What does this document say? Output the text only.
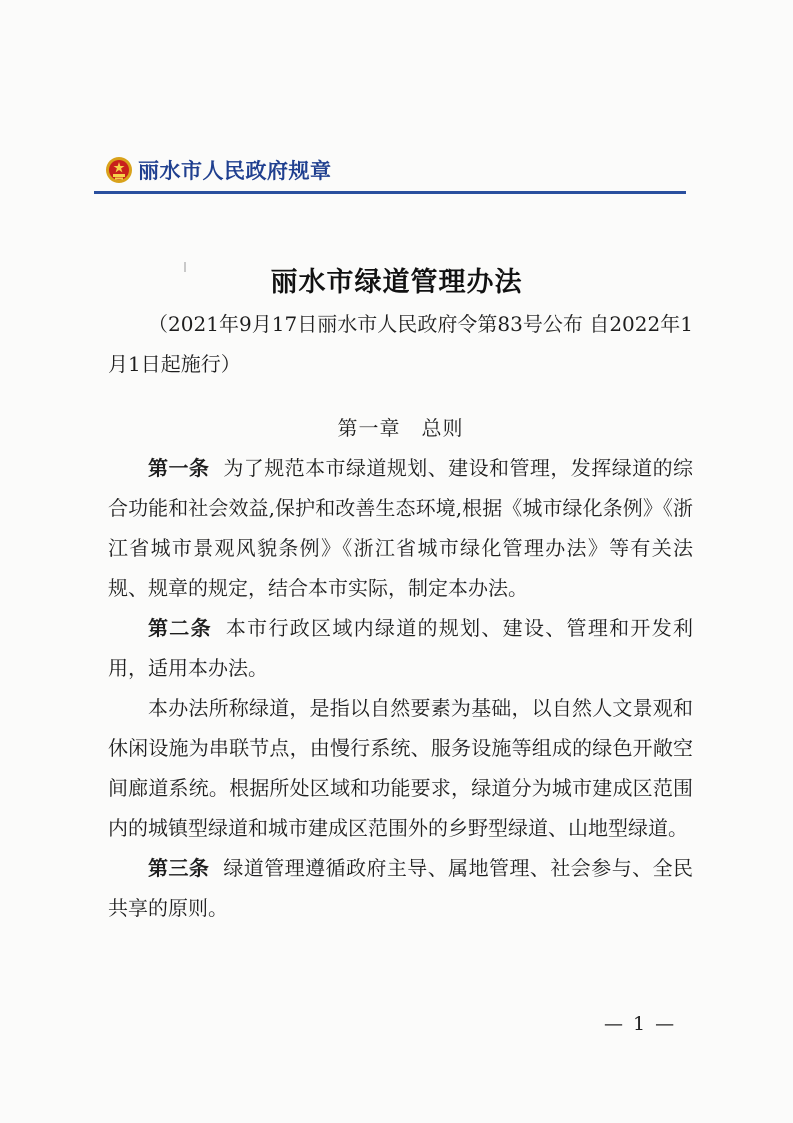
丽水市人民政府规章
丽水市绿道管理办法

（2021年9月17日丽水市人民政府令第83号公布 自2022年1月1日起施行）

第一章　总则

第一条 为了规范本市绿道规划、建设和管理，发挥绿道的综合功能和社会效益,保护和改善生态环境,根据《城市绿化条例》《浙江省城市景观风貌条例》《浙江省城市绿化管理办法》等有关法规、规章的规定，结合本市实际，制定本办法。

第二条 本市行政区域内绿道的规划、建设、管理和开发利用，适用本办法。

本办法所称绿道，是指以自然要素为基础，以自然人文景观和休闲设施为串联节点，由慢行系统、服务设施等组成的绿色开敞空间廊道系统。根据所处区域和功能要求，绿道分为城市建成区范围内的城镇型绿道和城市建成区范围外的乡野型绿道、山地型绿道。

第三条 绿道管理遵循政府主导、属地管理、社会参与、全民共享的原则。

— 1 —
